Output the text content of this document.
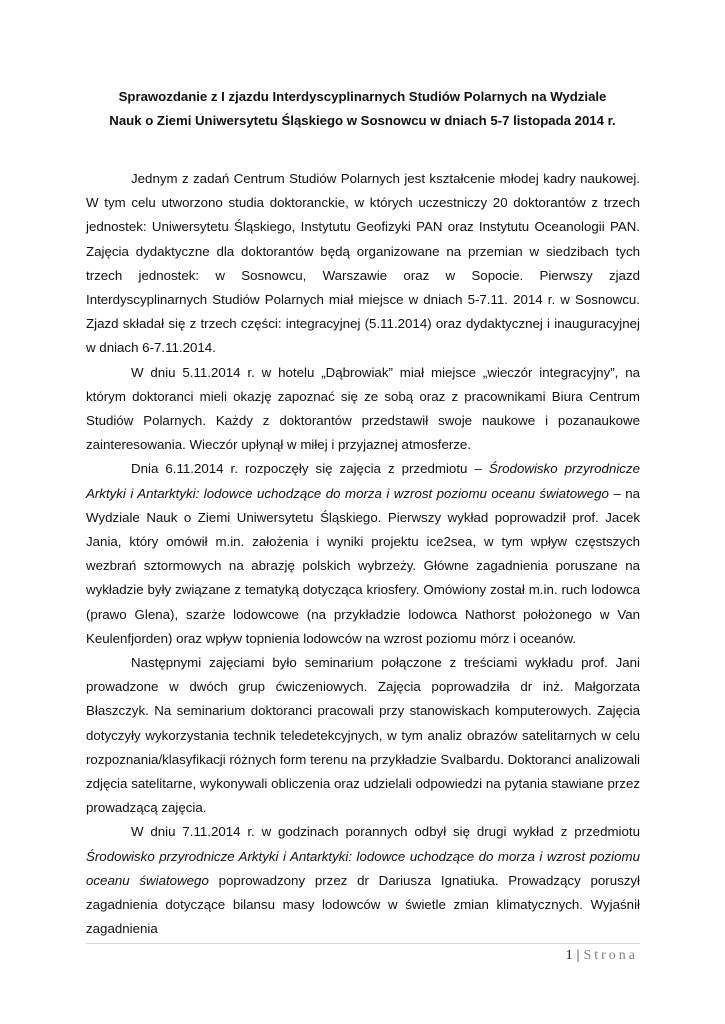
Sprawozdanie z I zjazdu Interdyscyplinarnych Studiów Polarnych na Wydziale
Nauk o Ziemi Uniwersytetu Śląskiego w Sosnowcu w dniach 5-7 listopada 2014 r.

Jednym z zadań Centrum Studiów Polarnych jest kształcenie młodej kadry naukowej. W tym celu utworzono studia doktoranckie, w których uczestniczy 20 doktorantów z trzech jednostek: Uniwersytetu Śląskiego, Instytutu Geofizyki PAN oraz Instytutu Oceanologii PAN. Zajęcia dydaktyczne dla doktorantów będą organizowane na przemian w siedzibach tych trzech jednostek: w Sosnowcu, Warszawie oraz w Sopocie. Pierwszy zjazd Interdyscyplinarnych Studiów Polarnych miał miejsce w dniach 5-7.11. 2014 r. w Sosnowcu. Zjazd składał się z trzech części: integracyjnej (5.11.2014) oraz dydaktycznej i inauguracyjnej w dniach 6-7.11.2014.

W dniu 5.11.2014 r. w hotelu „Dąbrowiak” miał miejsce „wieczór integracyjny”, na którym doktoranci mieli okazję zapoznać się ze sobą oraz z pracownikami Biura Centrum Studiów Polarnych. Każdy z doktorantów przedstawił swoje naukowe i pozanaukowe zainteresowania. Wieczór upłynął w miłej i przyjaznej atmosferze.

Dnia 6.11.2014 r. rozpoczęły się zajęcia z przedmiotu – Środowisko przyrodnicze Arktyki i Antarktyki: lodowce uchodzące do morza i wzrost poziomu oceanu światowego – na Wydziale Nauk o Ziemi Uniwersytetu Śląskiego. Pierwszy wykład poprowadził prof. Jacek Jania, który omówił m.in. założenia i wyniki projektu ice2sea, w tym wpływ częstszych wezbrań sztormowych na abrazję polskich wybrzeży. Główne zagadnienia poruszane na wykładzie były związane z tematyką dotycząca kriosfery. Omówiony został m.in. ruch lodowca (prawo Glena), szarże lodowcowe (na przykładzie lodowca Nathorst położonego w Van Keulenfjorden) oraz wpływ topnienia lodowców na wzrost poziomu mórz i oceanów.

Następnymi zajęciami było seminarium połączone z treściami wykładu prof. Jani prowadzone w dwóch grup ćwiczeniowych. Zajęcia poprowadziła dr inż. Małgorzata Błaszczyk. Na seminarium doktoranci pracowali przy stanowiskach komputerowych. Zajęcia dotyczyły wykorzystania technik teledetekcyjnych, w tym analiz obrazów satelitarnych w celu rozpoznania/klasyfikacji różnych form terenu na przykładzie Svalbardu. Doktoranci analizowali zdjęcia satelitarne, wykonywali obliczenia oraz udzielali odpowiedzi na pytania stawiane przez prowadzącą zajęcia.

W dniu 7.11.2014 r. w godzinach porannych odbył się drugi wykład z przedmiotu Środowisko przyrodnicze Arktyki i Antarktyki: lodowce uchodzące do morza i wzrost poziomu oceanu światowego poprowadzony przez dr Dariusza Ignatiuka. Prowadzący poruszył zagadnienia dotyczące bilansu masy lodowców w świetle zmian klimatycznych. Wyjaśnił zagadnienia

1 | Strona
